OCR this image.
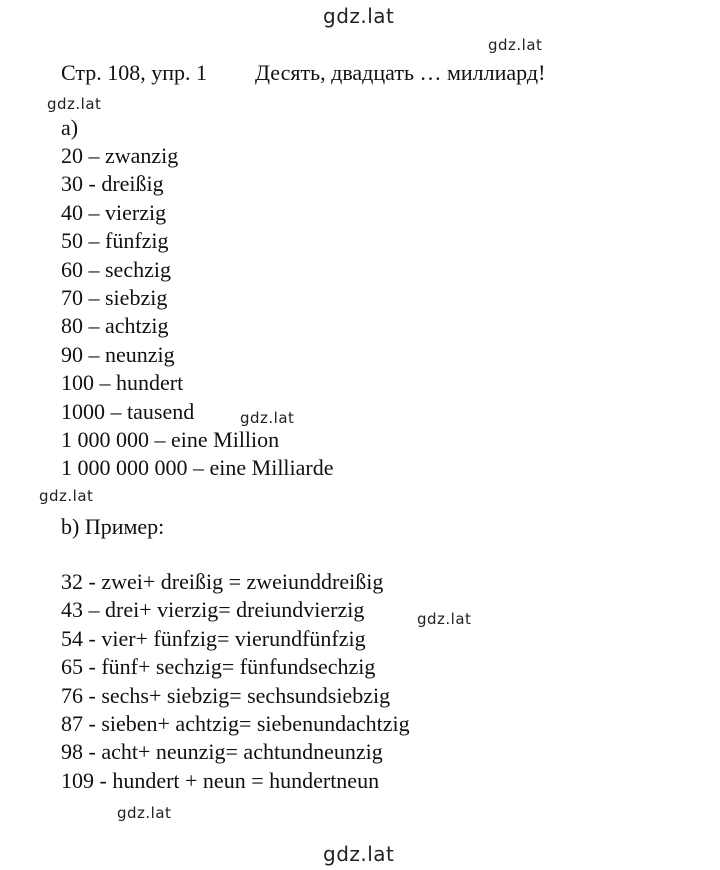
gdz.lat
gdz.lat
Стр. 108, упр. 1 Десять, двадцать … миллиард!
gdz.lat
a)
20 – zwanzig
30 - dreißig
40 – vierzig
50 – fünfzig
60 – sechzig
70 – siebzig
80 – achtzig
90 – neunzig
100 – hundert
1000 – tausend
1 000 000 – eine Million
1 000 000 000 – eine Milliarde
gdz.lat
gdz.lat
b) Пример:
32 - zwei+ dreißig = zweiunddreißig
43 – drei+ vierzig= dreiundvierzig
54 - vier+ fünfzig= vierundfünfzig
65 - fünf+ sechzig= fünfundsechzig
76 - sechs+ siebzig= sechsundsiebzig
87 - sieben+ achtzig= siebenundachtzig
98 - acht+ neunzig= achtundneunzig
109 - hundert + neun = hundertneun
gdz.lat
gdz.lat
gdz.lat
